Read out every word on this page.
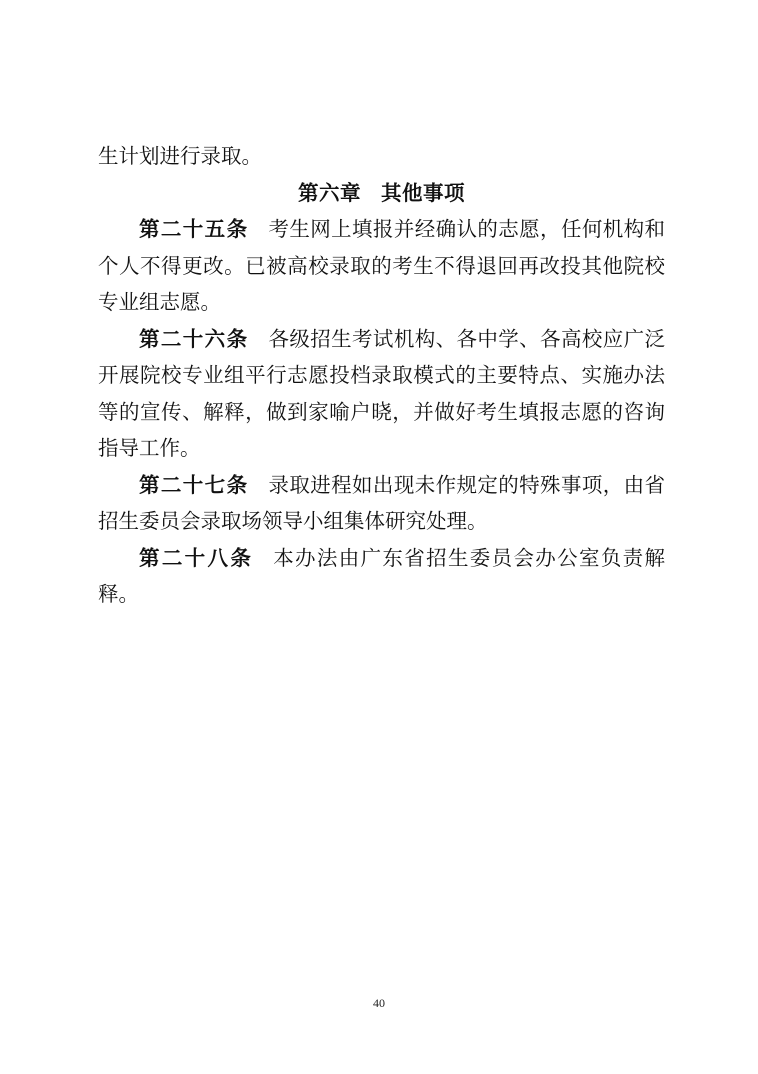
生计划进行录取。

第六章 其他事项

第二十五条 考生网上填报并经确认的志愿，任何机构和个人不得更改。已被高校录取的考生不得退回再改投其他院校专业组志愿。

第二十六条 各级招生考试机构、各中学、各高校应广泛开展院校专业组平行志愿投档录取模式的主要特点、实施办法等的宣传、解释，做到家喻户晓，并做好考生填报志愿的咨询指导工作。

第二十七条 录取进程如出现未作规定的特殊事项，由省招生委员会录取场领导小组集体研究处理。

第二十八条 本办法由广东省招生委员会办公室负责解释。

40
